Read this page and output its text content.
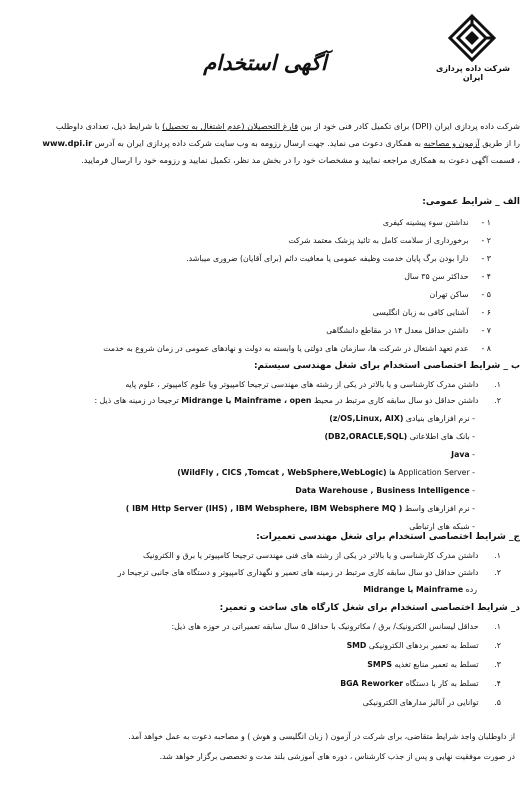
شرکت داده پردازی ایران
آگهی استخدام
شرکت داده پردازی ایران (DPI) برای تکمیل کادر فنی خود از بین فارغ التحصیلان (عدم اشتغال به تحصیل) با شرایط ذیل، تعدادی داوطلب
را از طریق آزمون و مصاحبه به همکاری دعوت می نماید. جهت ارسال رزومه به وب سایت شرکت داده پردازی ایران به آدرس www.dpi.ir
، قسمت آگهی دعوت به همکاری مراجعه نمایید و مشخصات خود را در بخش مد نظر، تکمیل نمایید و رزومه خود را ارسال فرمایید.
الف _ شرایط عمومی:
۱ - نداشتن سوء پیشینه کیفری
۲ - برخورداری از سلامت کامل به تائید پزشک معتمد شرکت
۳ - دارا بودن برگ پایان خدمت وظیفه عمومی یا معافیت دائم (برای آقایان) ضروری میباشد.
۴ - حداکثر سن ۳۵ سال
۵ - ساکن تهران
۶ - آشنایی کافی به زبان انگلیسی
۷ - داشتن حداقل معدل ۱۴ در مقاطع دانشگاهی
۸ - عدم تعهد اشتغال در شرکت ها، سازمان های دولتی یا وابسته به دولت و نهادهای عمومی در زمان شروع به خدمت
ب _ شرایط اختصاصی استخدام برای شغل مهندسی سیستم:
۱. داشتن مدرک کارشناسی و یا بالاتر در یکی از رشته های مهندسی ترجیحا کامپیوتر ویا علوم کامپیوتر ، علوم پایه
۲. داشتن حداقل دو سال سابقه کاری مرتبط در محیط Midrange یا Mainframe ، open ترجیحا در زمینه های ذیل :
- نرم افزارهای بنیادی (z/OS,Linux, AIX)
- بانک های اطلاعاتی (DB2,ORACLE,SQL)
- Java
- Application Server ها (WildFly , CICS ,Tomcat , WebSphere,WebLogic)
- Data Warehouse , Business Intelligence
- نرم افزارهای واسط ( IBM Http Server (IHS) , IBM Websphere, IBM Websphere MQ )
- شبکه های ارتباطی
ج_ شرایط اختصاصی استخدام برای شغل مهندسی تعمیرات:
۱. داشتن مدرک کارشناسی و یا بالاتر در یکی از رشته های فنی مهندسی ترجیحا کامپیوتر یا برق و الکترونیک
۲. داشتن حداقل دو سال سابقه کاری مرتبط در زمینه های تعمیر و نگهداری کامپیوتر و دستگاه های جانبی ترجیحا در
رده Midrange یا Mainframe
د_ شرایط اختصاصی استخدام برای شغل کارگاه های ساخت و تعمیر:
۱. حداقل لیسانس الکترونیک/ برق / مکاترونیک با حداقل ۵ سال سابقه تعمیراتی در حوزه های ذیل:
۲. تسلط به تعمیر بردهای الکترونیکی SMD
۳. تسلط به تعمیر منابع تغذیه SMPS
۴. تسلط به کار با دستگاه BGA Reworker
۵. توانایی در آنالیز مدارهای الکترونیکی
از داوطلبان واجد شرایط متقاضی، برای شرکت در آزمون ( زبان انگلیسی و هوش ) و مصاحبه دعوت به عمل خواهد آمد.
در صورت موفقیت نهایی و پس از جذب کارشناس ، دوره های آموزشی بلند مدت و تخصصی برگزار خواهد شد.
